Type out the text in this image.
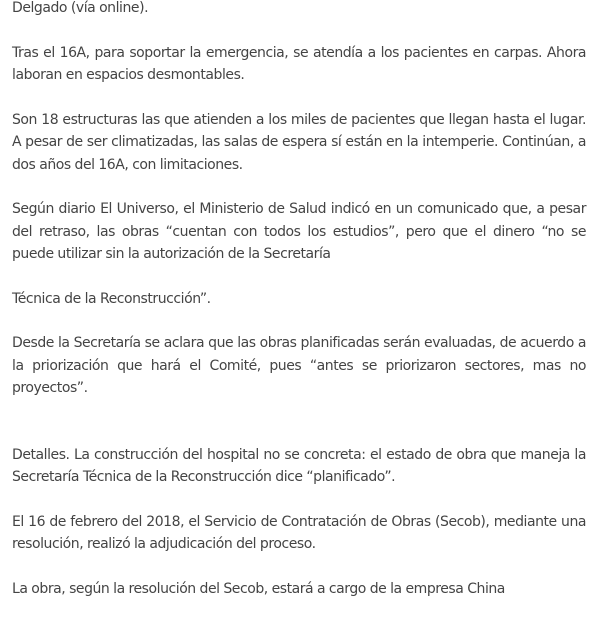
Delgado (vía online).

Tras el 16A, para soportar la emergencia, se atendía a los pacientes en carpas. Ahora laboran en espacios desmontables.

Son 18 estructuras las que atienden a los miles de pacientes que llegan hasta el lugar. A pesar de ser climatizadas, las salas de espera sí están en la intemperie. Continúan, a dos años del 16A, con limitaciones.

Según diario El Universo, el Ministerio de Salud indicó en un comunicado que, a pesar del retraso, las obras “cuentan con todos los estudios”, pero que el dinero “no se puede utilizar sin la autorización de la Secretaría

Técnica de la Reconstrucción”.

Desde la Secretaría se aclara que las obras planificadas serán evaluadas, de acuerdo a la priorización que hará el Comité, pues “antes se priorizaron sectores, mas no proyectos”.

Detalles. La construcción del hospital no se concreta: el estado de obra que maneja la Secretaría Técnica de la Reconstrucción dice “planificado”.

El 16 de febrero del 2018, el Servicio de Contratación de Obras (Secob), mediante una resolución, realizó la adjudicación del proceso.

La obra, según la resolución del Secob, estará a cargo de la empresa China
